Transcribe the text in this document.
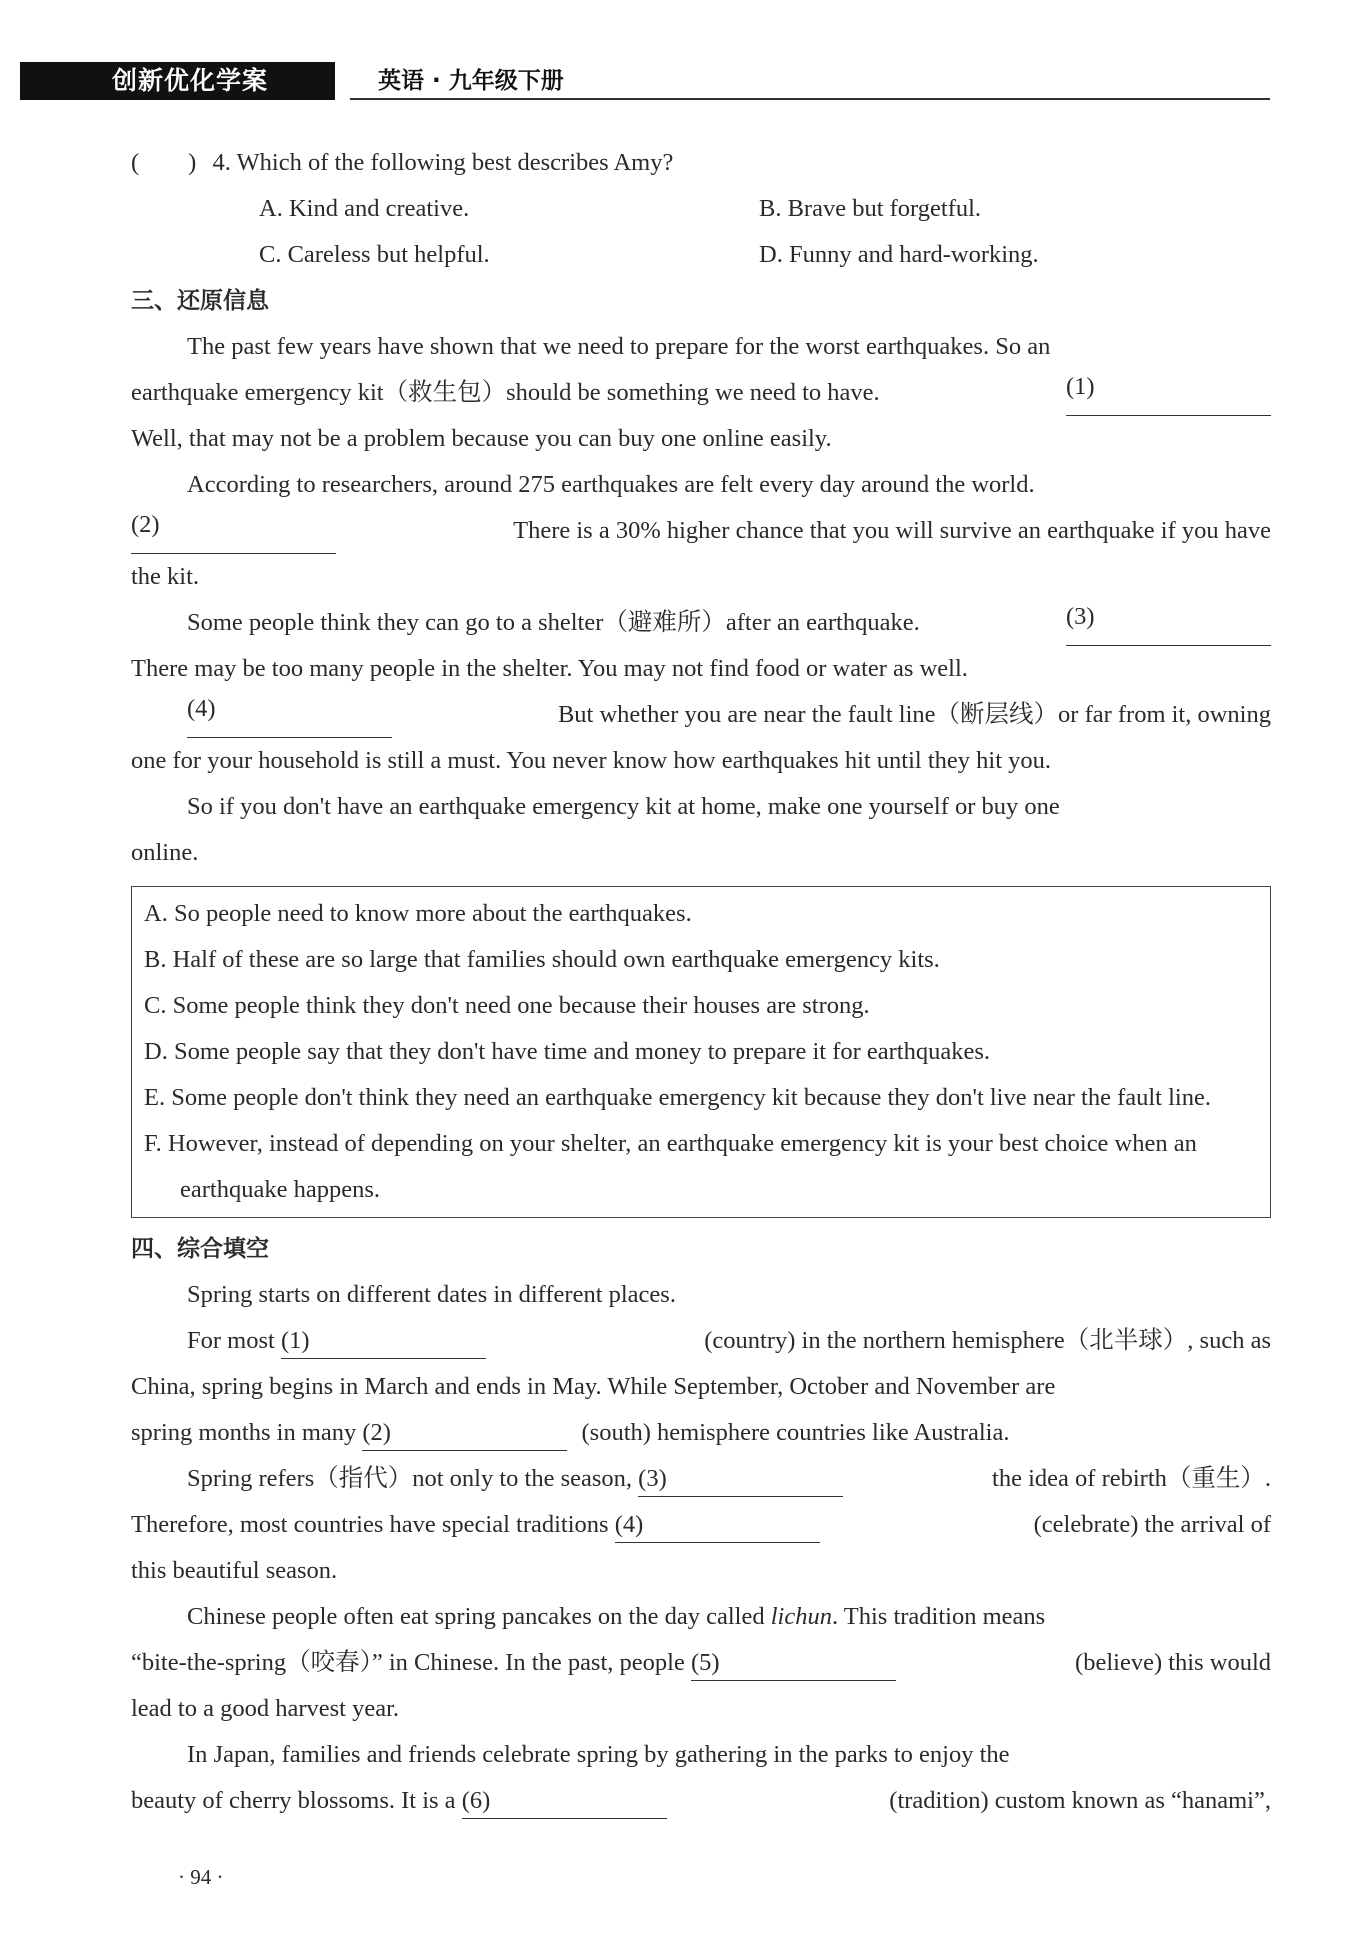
创新优化学案	英语 · 九年级下册
(        ) 4. Which of the following best describes Amy?
A. Kind and creative.	B. Brave but forgetful.
C. Careless but helpful.	D. Funny and hard-working.
三、还原信息
The past few years have shown that we need to prepare for the worst earthquakes. So an
earthquake emergency kit（救生包）should be something we need to have.	(1)
Well, that may not be a problem because you can buy one online easily.
According to researchers, around 275 earthquakes are felt every day around the world.
(2)	There is a 30% higher chance that you will survive an earthquake if you have
the kit.
Some people think they can go to a shelter（避难所）after an earthquake.	(3)
There may be too many people in the shelter. You may not find food or water as well.
(4)	But whether you are near the fault line（断层线）or far from it, owning
one for your household is still a must. You never know how earthquakes hit until they hit you.
So if you don't have an earthquake emergency kit at home, make one yourself or buy one
online.
A. So people need to know more about the earthquakes.
B. Half of these are so large that families should own earthquake emergency kits.
C. Some people think they don't need one because their houses are strong.
D. Some people say that they don't have time and money to prepare it for earthquakes.
E. Some people don't think they need an earthquake emergency kit because they don't live near the fault line.
F. However, instead of depending on your shelter, an earthquake emergency kit is your best choice when an earthquake happens.
四、综合填空
Spring starts on different dates in different places.
For most (1)	(country) in the northern hemisphere（北半球）, such as
China, spring begins in March and ends in May. While September, October and November are
spring months in many (2)	(south) hemisphere countries like Australia.
Spring refers（指代）not only to the season, (3)	the idea of rebirth（重生）.
Therefore, most countries have special traditions (4)	(celebrate) the arrival of
this beautiful season.
Chinese people often eat spring pancakes on the day called lichun. This tradition means
“bite-the-spring（咬春）” in Chinese. In the past, people (5)	(believe) this would
lead to a good harvest year.
In Japan, families and friends celebrate spring by gathering in the parks to enjoy the
beauty of cherry blossoms. It is a (6)	(tradition) custom known as “hanami”,
· 94 ·
